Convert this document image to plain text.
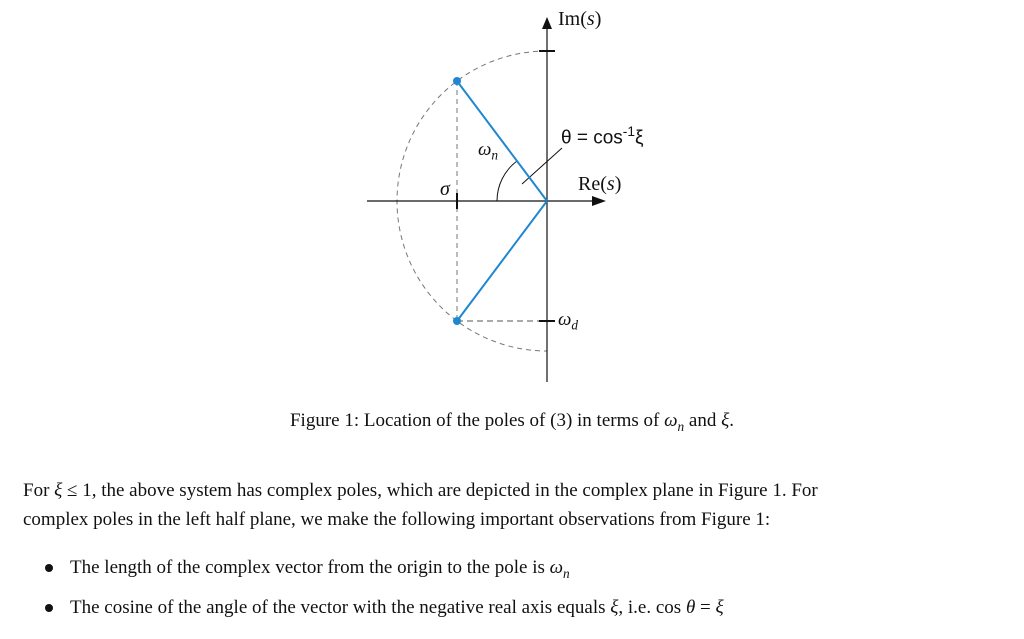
Im(s)
Re(s)
$\theta = \cos^{-1}\xi$
$\omega_n$
σ
$\omega_d$
Figure 1: Location of the poles of (3) in terms of $\omega_n$ and ξ.
For ξ ≤ 1, the above system has complex poles, which are depicted in the complex plane in Figure 1. For
complex poles in the left half plane, we make the following important observations from Figure 1:
The length of the complex vector from the origin to the pole is $\omega_n$
The cosine of the angle of the vector with the negative real axis equals ξ, i.e. cos θ = ξ
